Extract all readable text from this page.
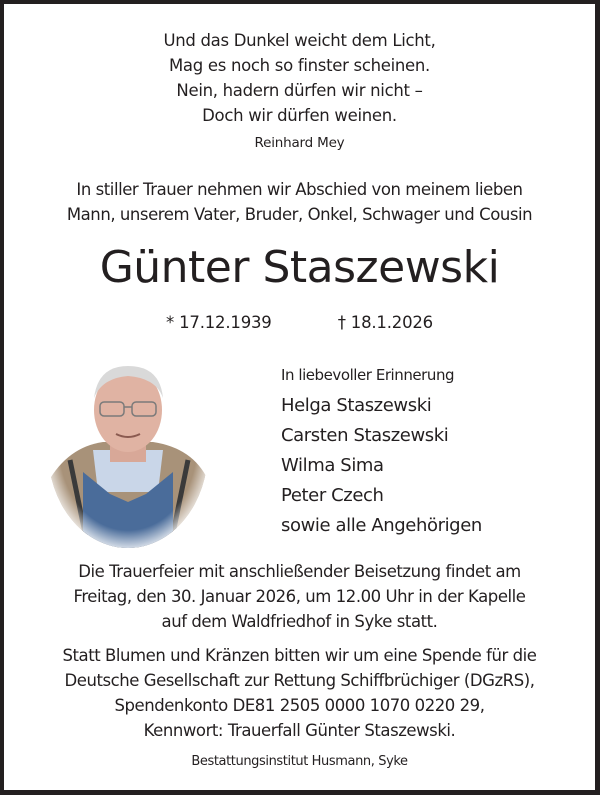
Und das Dunkel weicht dem Licht,
Mag es noch so finster scheinen.
Nein, hadern dürfen wir nicht –
Doch wir dürfen weinen.
Reinhard Mey
In stiller Trauer nehmen wir Abschied von meinem lieben
Mann, unserem Vater, Bruder, Onkel, Schwager und Cousin
Günter Staszewski
* 17.12.1939	† 18.1.2026
In liebevoller Erinnerung
Helga Staszewski
Carsten Staszewski
Wilma Sima
Peter Czech
sowie alle Angehörigen
Die Trauerfeier mit anschließender Beisetzung findet am
Freitag, den 30. Januar 2026, um 12.00 Uhr in der Kapelle
auf dem Waldfriedhof in Syke statt.
Statt Blumen und Kränzen bitten wir um eine Spende für die
Deutsche Gesellschaft zur Rettung Schiffbrüchiger (DGzRS),
Spendenkonto DE81 2505 0000 1070 0220 29,
Kennwort: Trauerfall Günter Staszewski.
Bestattungsinstitut Husmann, Syke
